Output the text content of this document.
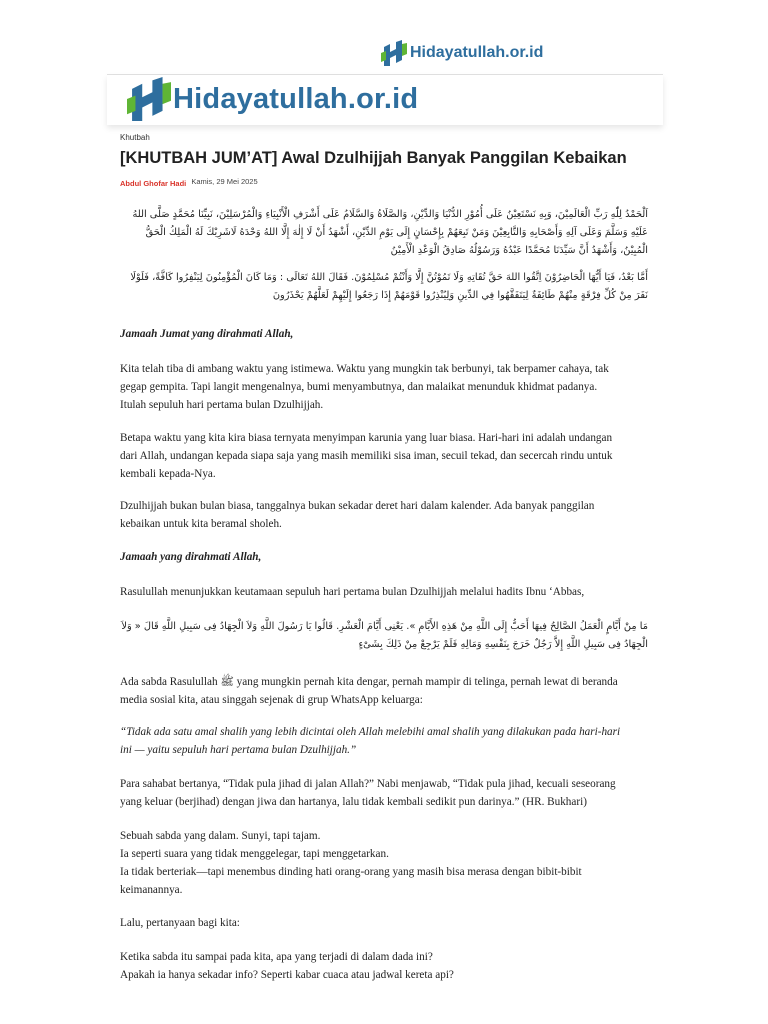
Hidayatullah.or.id
Hidayatullah.or.id
Khutbah
[KHUTBAH JUM’AT] Awal Dzulhijjah Banyak Panggilan Kebaikan
Abdul Ghofar Hadi Kamis, 29 Mei 2025

اَلْحَمْدُ لِلّٰهِ رَبِّ الْعَالَمِيْنَ، وَبِهِ نَسْتَعِيْنُ عَلَى أُمُوْرِ الدُّنْيَا وَالدِّيْنِ، وَالصَّلَاةُ وَالسَّلَامُ عَلَى أَشْرَفِ الْأَنْبِيَاءِ وَالْمُرْسَلِيْنَ، نَبِيِّنَا مُحَمَّدٍ صَلَّى اللهُ عَلَيْهِ وَسَلَّمَ وَعَلَى آلِهِ وَأَصْحَابِهِ وَالتَّابِعِيْنَ وَمَنْ تَبِعَهُمْ بِإِحْسَانٍ إِلَى يَوْمِ الدِّيْنِ، أَشْهَدُ أَنْ لَا إِلٰهَ إِلَّا اللهُ وَحْدَهُ لَاشَرِيْكَ لَهُ الْمَلِكُ الْحَقُّ الْمُبِيْنُ، وَأَشْهَدُ أَنَّ سَيِّدَنَا مُحَمَّدًا عَبْدُهُ وَرَسُوْلُهُ صَادِقُ الْوَعْدِ الْأَمِيْنُ

أَمَّا بَعْدُ، فَيَا أَيُّهَا الْحَاضِرُوْنَ اِتَّقُوا اللهَ حَقَّ تُقَاتِهِ وَلَا تَمُوْتُنَّ إِلَّا وَأَنْتُمْ مُسْلِمُوْنَ. فَقَالَ اللهُ تَعَالَى : وَمَا كَانَ الْمُؤْمِنُونَ لِيَنْفِرُوا كَافَّةً، فَلَوْلَا نَفَرَ مِنْ كُلِّ فِرْقَةٍ مِنْهُمْ طَائِفَةٌ لِيَتَفَقَّهُوا فِي الدِّينِ وَلِيُنْذِرُوا قَوْمَهُمْ إِذَا رَجَعُوا إِلَيْهِمْ لَعَلَّهُمْ يَحْذَرُونَ

Jamaah Jumat yang dirahmati Allah,
Kita telah tiba di ambang waktu yang istimewa. Waktu yang mungkin tak berbunyi, tak berpamer cahaya, tak
gegap gempita. Tapi langit mengenalnya, bumi menyambutnya, dan malaikat menunduk khidmat padanya.
Itulah sepuluh hari pertama bulan Dzulhijjah.
Betapa waktu yang kita kira biasa ternyata menyimpan karunia yang luar biasa. Hari-hari ini adalah undangan
dari Allah, undangan kepada siapa saja yang masih memiliki sisa iman, secuil tekad, dan secercah rindu untuk
kembali kepada-Nya.
Dzulhijjah bukan bulan biasa, tanggalnya bukan sekadar deret hari dalam kalender. Ada banyak panggilan
kebaikan untuk kita beramal sholeh.
Jamaah yang dirahmati Allah,
Rasulullah menunjukkan keutamaan sepuluh hari pertama bulan Dzulhijjah melalui hadits Ibnu ‘Abbas,

مَا مِنْ أَيَّامٍ الْعَمَلُ الصَّالِحُ فِيهَا أَحَبُّ إِلَى اللَّهِ مِنْ هَذِهِ الأَيَّامِ ». يَعْنِى أَيَّامَ الْعَشْرِ. قَالُوا يَا رَسُولَ اللَّهِ وَلاَ الْجِهَادُ فِى سَبِيلِ اللَّهِ قَالَ « وَلاَ الْجِهَادُ فِى سَبِيلِ اللَّهِ إِلاَّ رَجُلٌ خَرَجَ بِنَفْسِهِ وَمَالِهِ فَلَمْ يَرْجِعْ مِنْ ذَلِكَ بِشَىْءٍ

Ada sabda Rasulullah ﷺ yang mungkin pernah kita dengar, pernah mampir di telinga, pernah lewat di beranda
media sosial kita, atau singgah sejenak di grup WhatsApp keluarga:
“Tidak ada satu amal shalih yang lebih dicintai oleh Allah melebihi amal shalih yang dilakukan pada hari-hari
ini — yaitu sepuluh hari pertama bulan Dzulhijjah.”
Para sahabat bertanya, “Tidak pula jihad di jalan Allah?” Nabi menjawab, “Tidak pula jihad, kecuali seseorang
yang keluar (berjihad) dengan jiwa dan hartanya, lalu tidak kembali sedikit pun darinya.” (HR. Bukhari)
Sebuah sabda yang dalam. Sunyi, tapi tajam.
Ia seperti suara yang tidak menggelegar, tapi menggetarkan.
Ia tidak berteriak—tapi menembus dinding hati orang-orang yang masih bisa merasa dengan bibit-bibit
keimanannya.
Lalu, pertanyaan bagi kita:
Ketika sabda itu sampai pada kita, apa yang terjadi di dalam dada ini?
Apakah ia hanya sekadar info? Seperti kabar cuaca atau jadwal kereta api?
